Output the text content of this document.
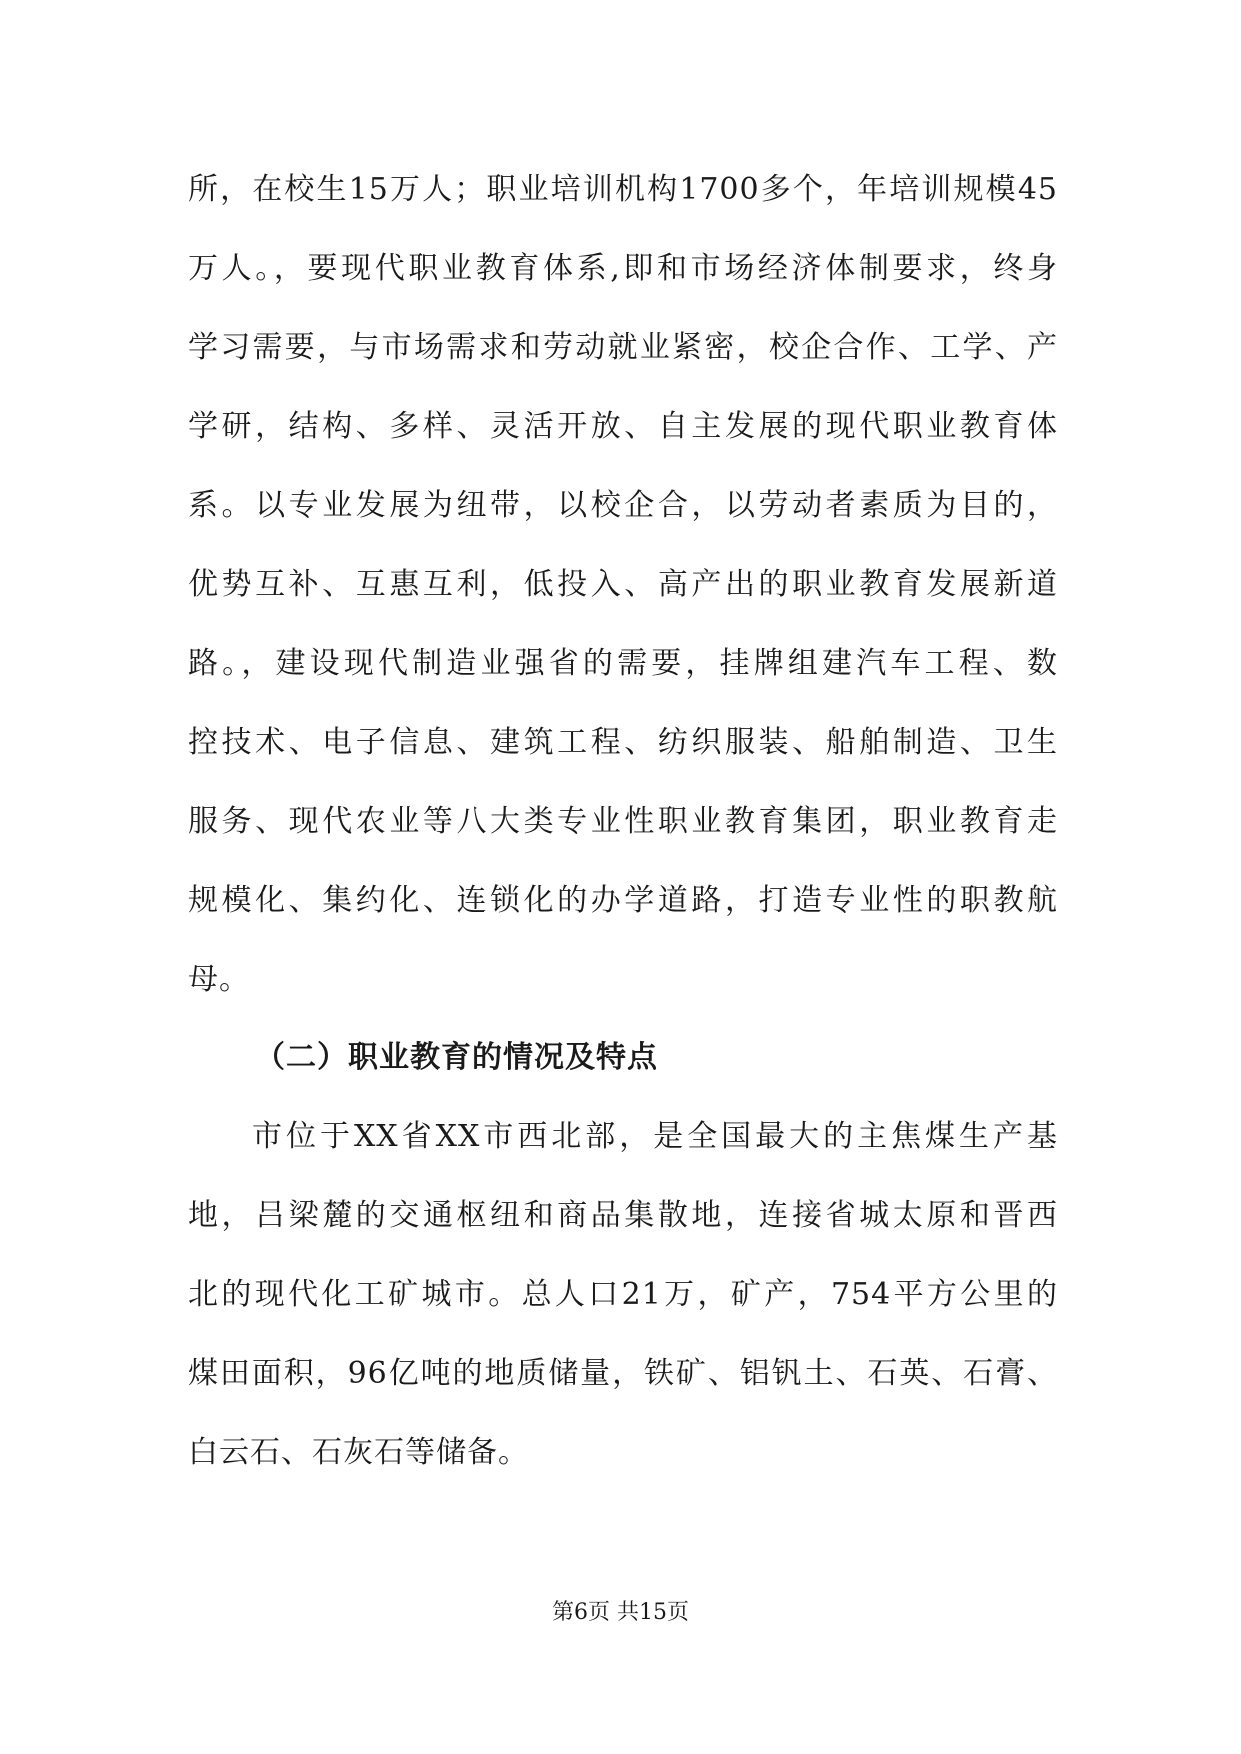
所，在校生15万人；职业培训机构1700多个，年培训规模45
万人。，要现代职业教育体系,即和市场经济体制要求，终身
学习需要，与市场需求和劳动就业紧密，校企合作、工学、产
学研，结构、多样、灵活开放、自主发展的现代职业教育体
系。以专业发展为纽带，以校企合，以劳动者素质为目的，
优势互补、互惠互利，低投入、高产出的职业教育发展新道
路。，建设现代制造业强省的需要，挂牌组建汽车工程、数
控技术、电子信息、建筑工程、纺织服装、船舶制造、卫生
服务、现代农业等八大类专业性职业教育集团，职业教育走
规模化、集约化、连锁化的办学道路，打造专业性的职教航
母。
（二）职业教育的情况及特点
市位于XX省XX市西北部，是全国最大的主焦煤生产基
地，吕梁麓的交通枢纽和商品集散地，连接省城太原和晋西
北的现代化工矿城市。总人口21万，矿产，754平方公里的
煤田面积，96亿吨的地质储量，铁矿、铝钒土、石英、石膏、
白云石、石灰石等储备。
第6页 共15页
